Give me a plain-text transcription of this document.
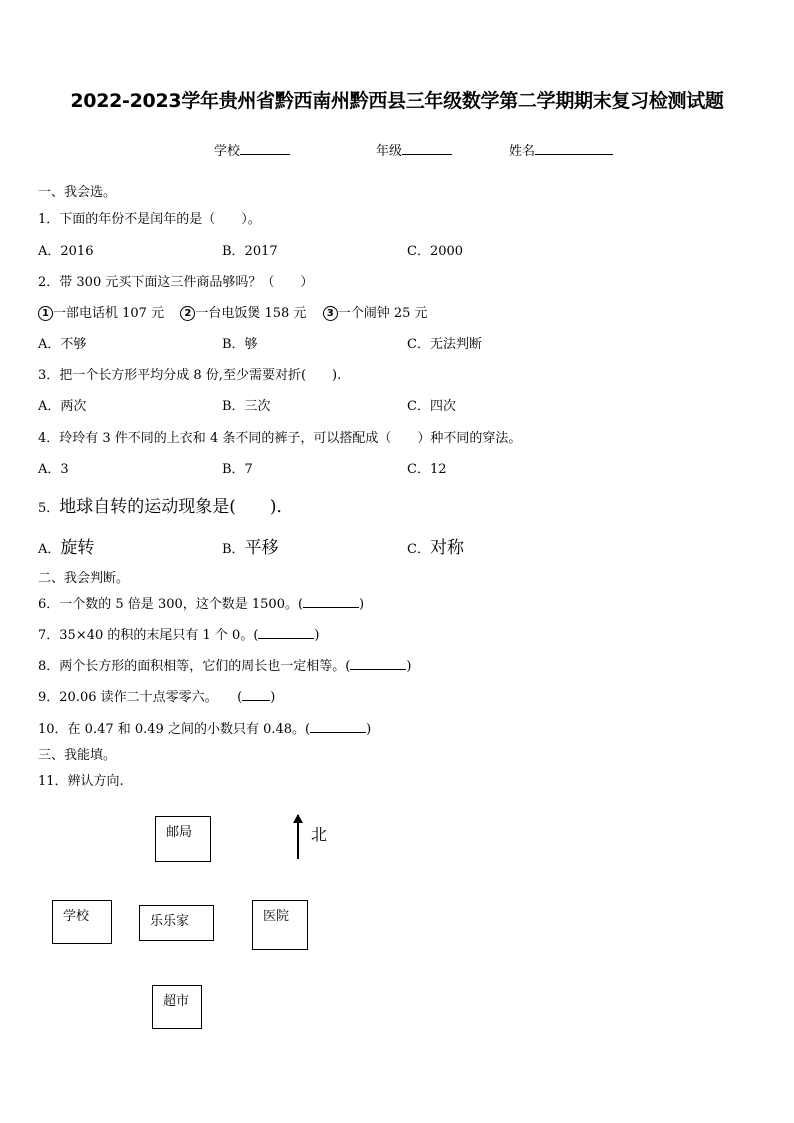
2022-2023学年贵州省黔西南州黔西县三年级数学第二学期期末复习检测试题
学校	年级	姓名
一、我会选。
1．下面的年份不是闰年的是（　　）。
A．2016	B．2017	C．2000
2．带 300 元买下面这三件商品够吗？（　　）
1 一部电话机 107 元 2 一台电饭煲 158 元 3 一个闹钟 25 元
A．不够	B．够	C．无法判断
3．把一个长方形平均分成 8 份,至少需要对折(　　).
A．两次	B．三次	C．四次
4．玲玲有 3 件不同的上衣和 4 条不同的裤子，可以搭配成（　　）种不同的穿法。
A．3	B．7	C．12
5．地球自转的运动现象是(　　)．
A．旋转	B．平移	C．对称
二、我会判断。
6．一个数的 5 倍是 300，这个数是 1500。(	)
7．35×40 的积的末尾只有 1 个 0。(	)
8．两个长方形的面积相等，它们的周长也一定相等。(	)
9．20.06 读作二十点零零六。　　( )
10．在 0.47 和 0.49 之间的小数只有 0.48。(	)
三、我能填。
11．辨认方向.
邮局	北
学校	乐乐家	医院
超市
